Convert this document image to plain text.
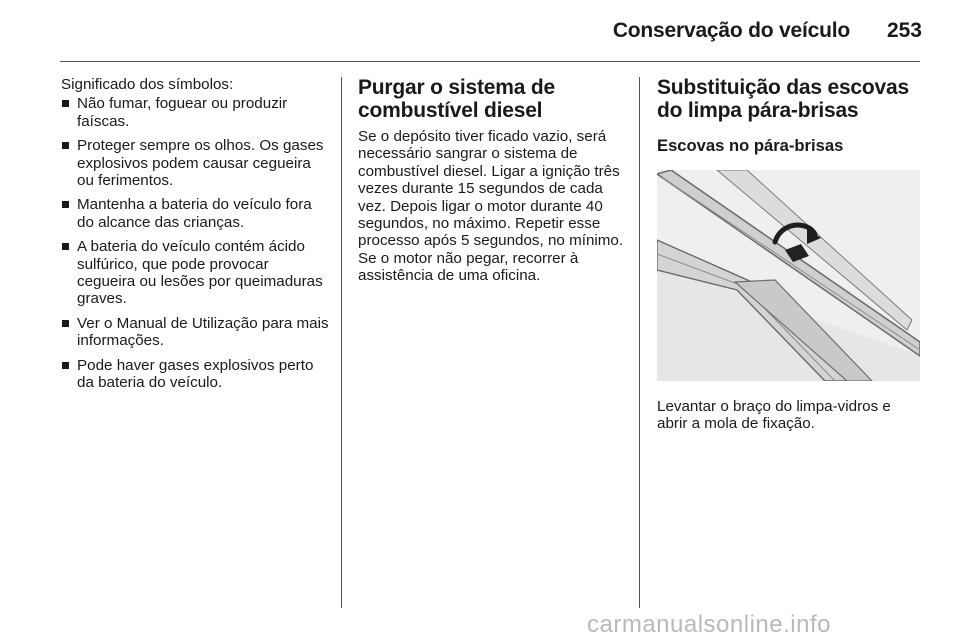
Conservação do veículo	253
Significado dos símbolos:
Não fumar, foguear ou produzir faíscas.
Proteger sempre os olhos. Os gases explosivos podem causar cegueira ou ferimentos.
Mantenha a bateria do veículo fora do alcance das crianças.
A bateria do veículo contém ácido sulfúrico, que pode provocar cegueira ou lesões por queimaduras graves.
Ver o Manual de Utilização para mais informações.
Pode haver gases explosivos perto da bateria do veículo.
Purgar o sistema de combustível diesel

Se o depósito tiver ficado vazio, será necessário sangrar o sistema de combustível diesel. Ligar a ignição três vezes durante 15 segundos de cada vez. Depois ligar o motor durante 40 segundos, no máximo. Repetir esse processo após 5 segundos, no mínimo. Se o motor não pegar, recorrer à assistência de uma oficina.

Substituição das escovas do limpa pára-brisas
Escovas no pára-brisas

Levantar o braço do limpa-vidros e abrir a mola de fixação.

carmanualsonline.info
